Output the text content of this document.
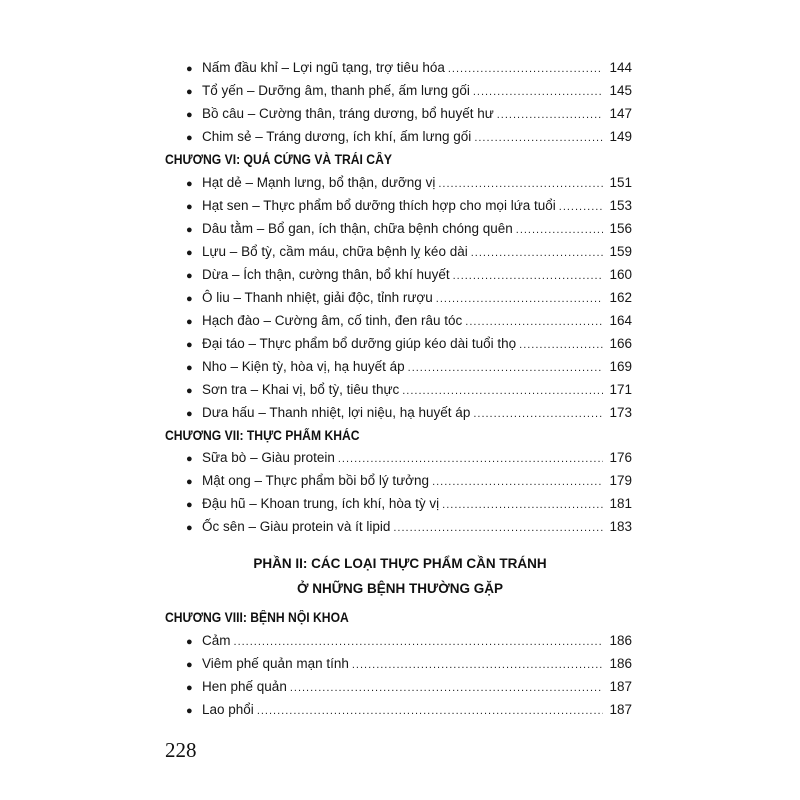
● Nấm đầu khỉ – Lợi ngũ tạng, trợ tiêu hóa .....	144
● Tổ yến – Dưỡng âm, thanh phế, ấm lưng gối .....	145
● Bồ câu – Cường thân, tráng dương, bổ huyết hư .....	147
● Chim sẻ – Tráng dương, ích khí, ấm lưng gối .....	149
CHƯƠNG VI: QUẢ CỨNG VÀ TRÁI CÂY
● Hạt dẻ – Mạnh lưng, bổ thận, dưỡng vị .....	151
● Hạt sen – Thực phẩm bổ dưỡng thích hợp cho mọi lứa tuổi .....	153
● Dâu tằm – Bổ gan, ích thận, chữa bệnh chóng quên .....	156
● Lựu – Bổ tỳ, cầm máu, chữa bệnh lỵ kéo dài .....	159
● Dừa – Ích thận, cường thân, bổ khí huyết .....	160
● Ô liu – Thanh nhiệt, giải độc, tỉnh rượu .....	162
● Hạch đào – Cường âm, cố tinh, đen râu tóc .....	164
● Đại táo – Thực phẩm bổ dưỡng giúp kéo dài tuổi thọ .....	166
● Nho – Kiện tỳ, hòa vị, hạ huyết áp .....	169
● Sơn tra – Khai vị, bổ tỳ, tiêu thực .....	171
● Dưa hấu – Thanh nhiệt, lợi niệu, hạ huyết áp .....	173
CHƯƠNG VII: THỰC PHẨM KHÁC
● Sữa bò – Giàu protein .....	176
● Mật ong – Thực phẩm bồi bổ lý tưởng .....	179
● Đậu hũ – Khoan trung, ích khí, hòa tỳ vị .....	181
● Ốc sên – Giàu protein và ít lipid .....	183
PHẦN II: CÁC LOẠI THỰC PHẨM CẦN TRÁNH
Ở NHỮNG BỆNH THƯỜNG GẶP
CHƯƠNG VIII: BỆNH NỘI KHOA
● Cảm .....	186
● Viêm phế quản mạn tính .....	186
● Hen phế quản .....	187
● Lao phổi .....	187
228
